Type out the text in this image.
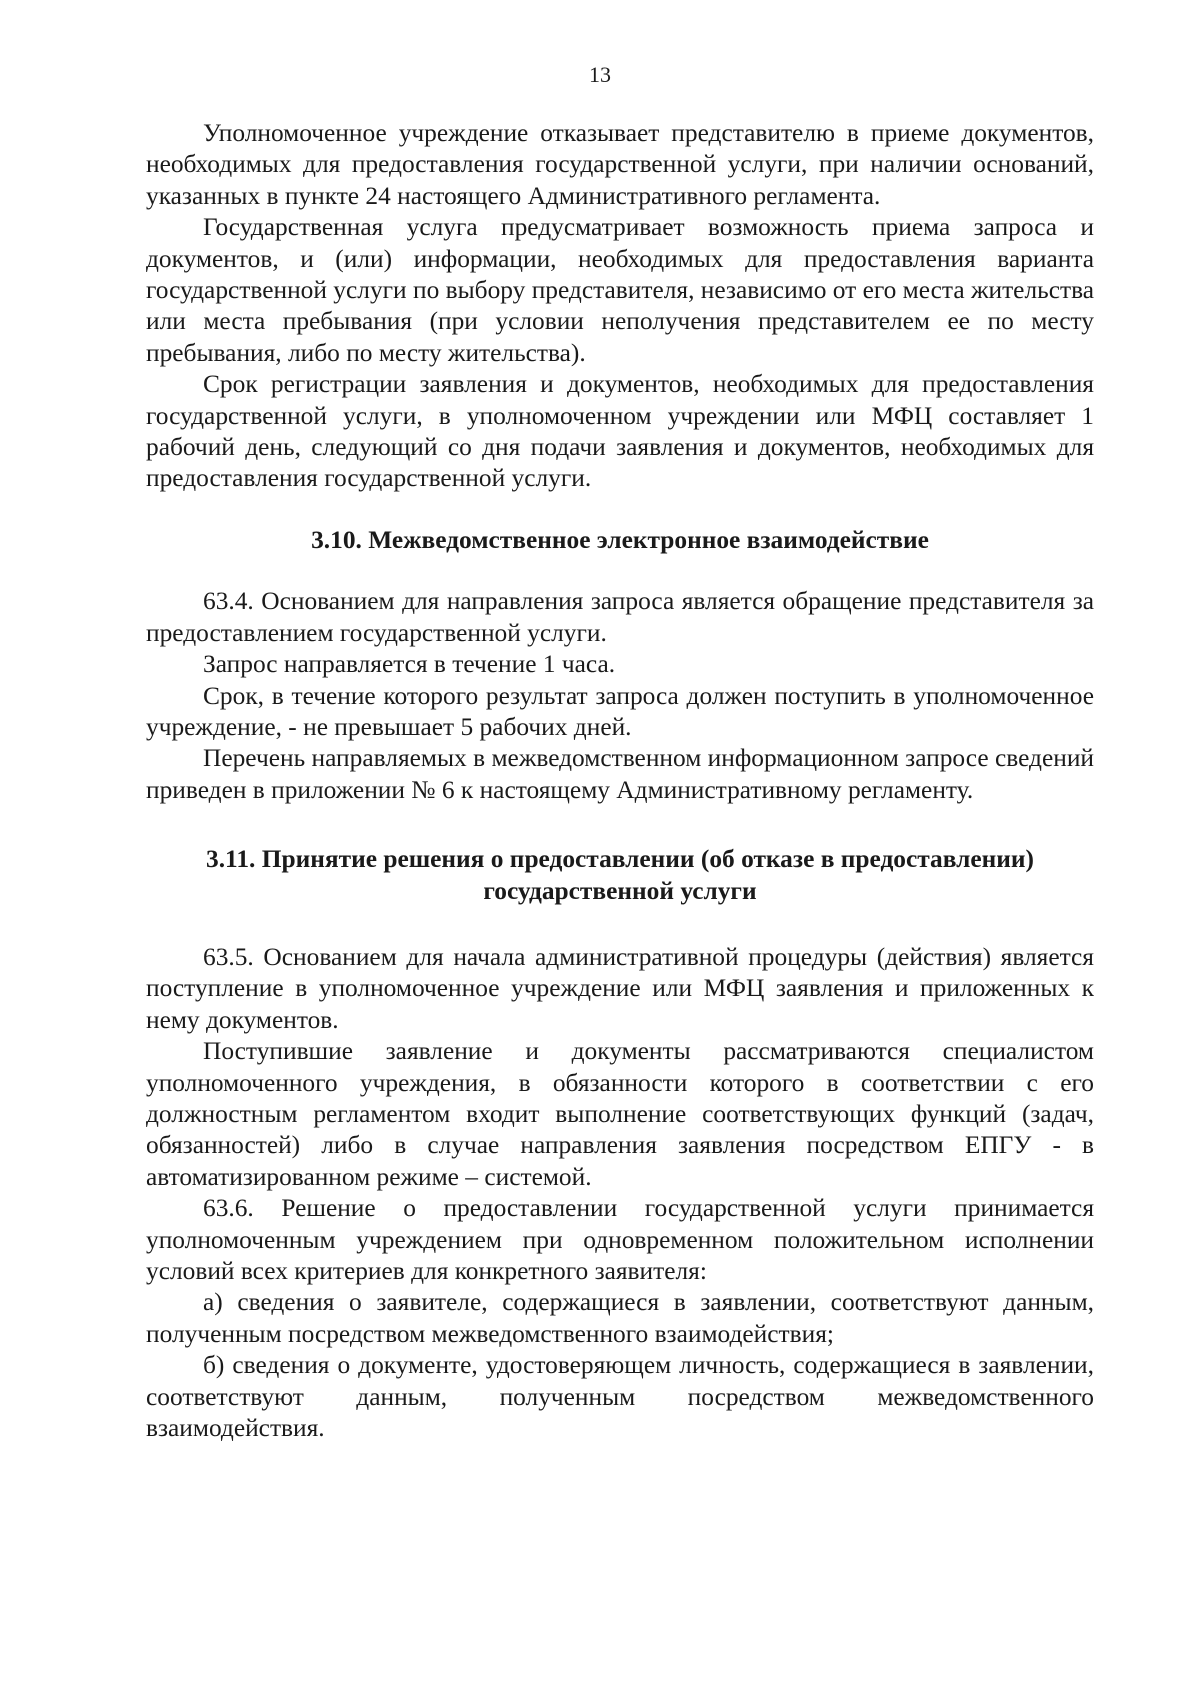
13

Уполномоченное учреждение отказывает представителю в приеме документов, необходимых для предоставления государственной услуги, при наличии оснований, указанных в пункте 24 настоящего Административного регламента.

Государственная услуга предусматривает возможность приема запроса и документов, и (или) информации, необходимых для предоставления варианта государственной услуги по выбору представителя, независимо от его места жительства или места пребывания (при условии неполучения представителем ее по месту пребывания, либо по месту жительства).

Срок регистрации заявления и документов, необходимых для предоставления государственной услуги, в уполномоченном учреждении или МФЦ составляет 1 рабочий день, следующий со дня подачи заявления и документов, необходимых для предоставления государственной услуги.

3.10. Межведомственное электронное взаимодействие

63.4. Основанием для направления запроса является обращение представителя за предоставлением государственной услуги.

Запрос направляется в течение 1 часа.

Срок, в течение которого результат запроса должен поступить в уполномоченное учреждение, - не превышает 5 рабочих дней.

Перечень направляемых в межведомственном информационном запросе сведений приведен в приложении № 6 к настоящему Административному регламенту.

3.11. Принятие решения о предоставлении (об отказе в предоставлении)
государственной услуги

63.5. Основанием для начала административной процедуры (действия) является поступление в уполномоченное учреждение или МФЦ заявления и приложенных к нему документов.

Поступившие заявление и документы рассматриваются специалистом уполномоченного учреждения, в обязанности которого в соответствии с его должностным регламентом входит выполнение соответствующих функций (задач, обязанностей) либо в случае направления заявления посредством ЕПГУ - в автоматизированном режиме – системой.

63.6. Решение о предоставлении государственной услуги принимается уполномоченным учреждением при одновременном положительном исполнении условий всех критериев для конкретного заявителя:

а) сведения о заявителе, содержащиеся в заявлении, соответствуют данным, полученным посредством межведомственного взаимодействия;

б) сведения о документе, удостоверяющем личность, содержащиеся в заявлении, соответствуют данным, полученным посредством межведомственного взаимодействия.
